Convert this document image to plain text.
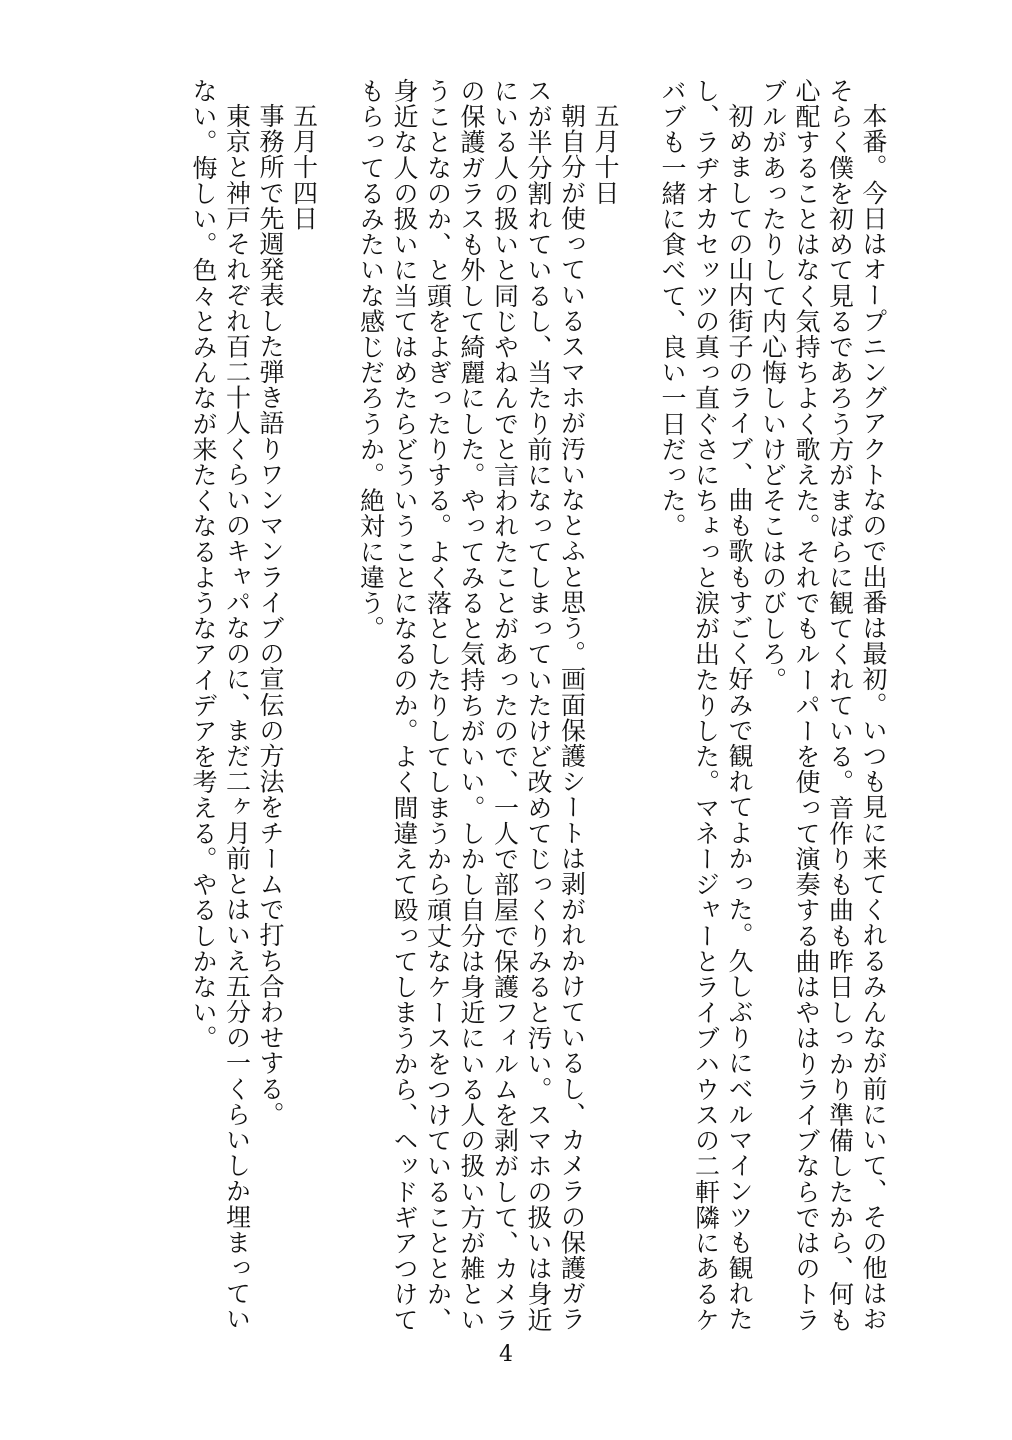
本番。今日はオープニングアクトなので出番は最初。いつも見に来てくれるみんなが前にいて、その他はお
そらく僕を初めて見るであろう方がまばらに観てくれている。音作りも曲も昨日しっかり準備したから、何も
心配することはなく気持ちよく歌えた。それでもルーパーを使って演奏する曲はやはりライブならではのトラ
ブルがあったりして内心悔しいけどそこはのびしろ。
初めましての山内街子のライブ、曲も歌もすごく好みで観れてよかった。久しぶりにベルマインツも観れた
し、ラヂオカセッツの真っ直ぐさにちょっと涙が出たりした。マネージャーとライブハウスの二軒隣にあるケ
バブも一緒に食べて、良い一日だった。
五月十日
朝自分が使っているスマホが汚いなとふと思う。画面保護シートは剥がれかけているし、カメラの保護ガラ
スが半分割れているし、当たり前になってしまっていたけど改めてじっくりみると汚い。スマホの扱いは身近
にいる人の扱いと同じやねんでと言われたことがあったので、一人で部屋で保護フィルムを剥がして、カメラ
の保護ガラスも外して綺麗にした。やってみると気持ちがいい。しかし自分は身近にいる人の扱い方が雑とい
うことなのか、と頭をよぎったりする。よく落としたりしてしまうから頑丈なケースをつけていることとか、
身近な人の扱いに当てはめたらどういうことになるのか。よく間違えて殴ってしまうから、ヘッドギアつけて
もらってるみたいな感じだろうか。絶対に違う。
五月十四日
事務所で先週発表した弾き語りワンマンライブの宣伝の方法をチームで打ち合わせする。
東京と神戸それぞれ百二十人くらいのキャパなのに、まだ二ヶ月前とはいえ五分の一くらいしか埋まってい
ない。悔しい。色々とみんなが来たくなるようなアイデアを考える。やるしかない。
4
